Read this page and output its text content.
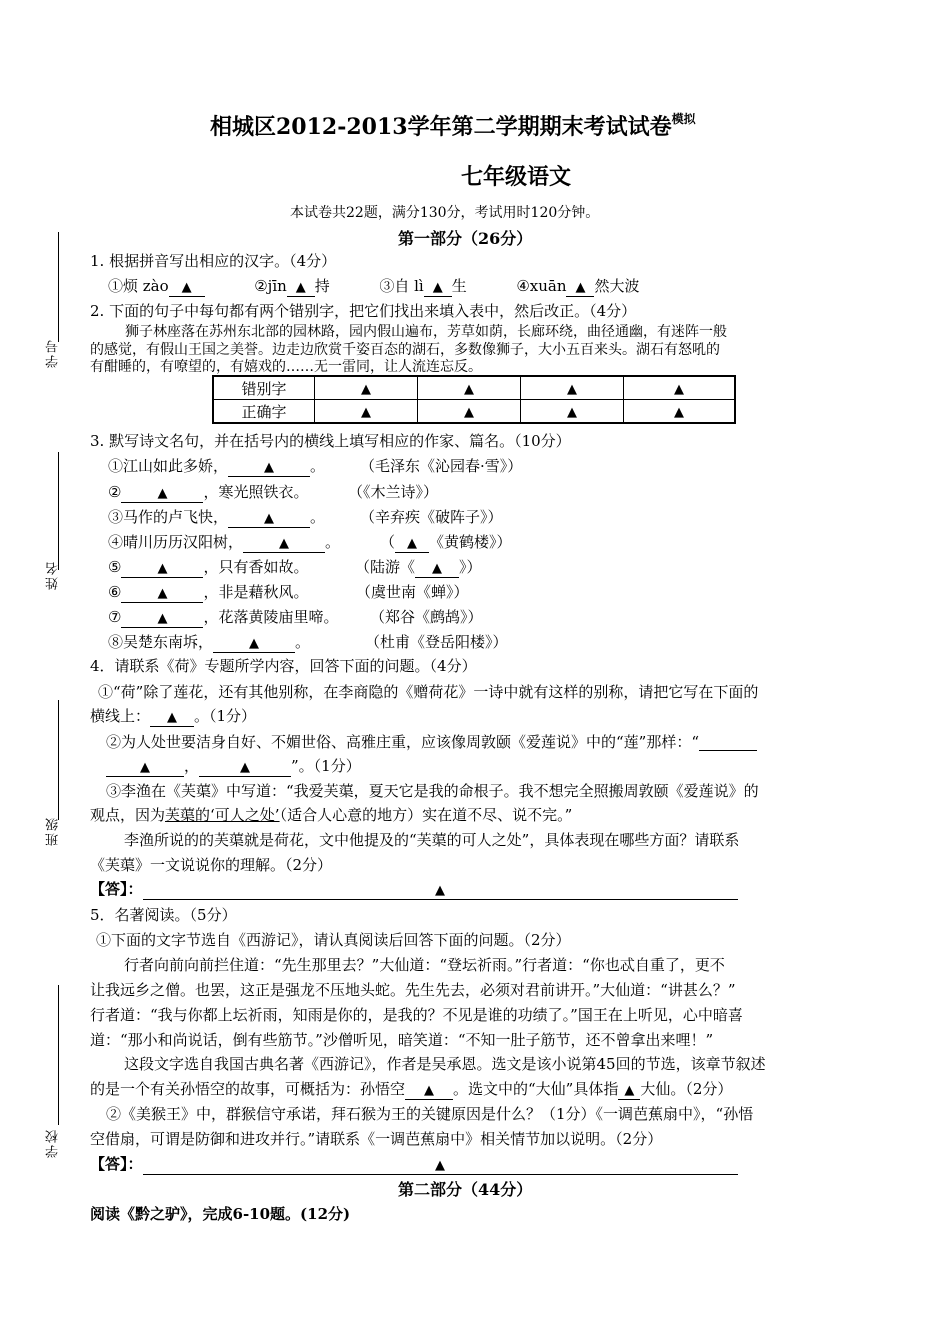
学号
姓名
班级
学校
相城区2012-2013学年第二学期期末考试试卷$^{模拟}$
七年级语文
本试卷共22题，满分130分，考试用时120分钟。
第一部分（26分）
1. 根据拼音写出相应的汉字。（4分）
①烦 zào ▲	②jīn ▲ 持	③自 lì ▲ 生	④xuān ▲ 然大波
2. 下面的句子中每句都有两个错别字，把它们找出来填入表中，然后改正。（4分）
狮子林座落在苏州东北部的园林路，园内假山遍布，芳草如荫，长廊环绕，曲径通幽，有迷阵一般
的感觉，有假山王国之美誉。边走边欣赏千姿百态的湖石，多数像狮子，大小五百来头。湖石有怒吼的
有酣睡的，有嘹望的，有嬉戏的……无一雷同，让人流连忘反。
错别字	▲	▲	▲	▲
正确字	▲	▲	▲	▲
3. 默写诗文名句，并在括号内的横线上填写相应的作家、篇名。（10分）
①江山如此多娇，	▲ 。 （毛泽东《沁园春·雪》）
②	▲ ，寒光照铁衣。	（《木兰诗》）
③马作的卢飞快，	▲ 。 （辛弃疾《破阵子》）
④晴川历历汉阳树，	▲ 。	（ ▲ 《黄鹤楼》）
⑤	▲ ，只有香如故。	（陆游《 ▲ 》）
⑥	▲ ，非是藉秋风。	（虞世南《蝉》）
⑦	▲ ，花落黄陵庙里啼。 （郑谷《鹧鸪》）
⑧吴楚东南坼，	▲ 。	（杜甫《登岳阳楼》）
4．请联系《荷》专题所学内容，回答下面的问题。（4分）
①“荷”除了莲花，还有其他别称，在李商隐的《赠荷花》一诗中就有这样的别称，请把它写在下面的
横线上： ▲ 。（1分）
②为人处世要洁身自好、不媚世俗、高雅庄重，应该像周敦颐《爱莲说》中的“莲”那样：“
▲ ，	▲	”。（1分）
③李渔在《芙蕖》中写道：“我爱芙蕖，夏天它是我的命根子。我不想完全照搬周敦颐《爱莲说》的
观点，因为芙蕖的‘可人之处’（适合人心意的地方）实在道不尽、说不完。”
李渔所说的的芙蕖就是荷花，文中他提及的“芙蕖的可人之处”，具体表现在哪些方面？请联系
《芙蕖》一文说说你的理解。（2分）
【答】：	▲
5．名著阅读。（5分）
①下面的文字节选自《西游记》，请认真阅读后回答下面的问题。（2分）
行者向前向前拦住道：“先生那里去？”大仙道：“登坛祈雨。”行者道：“你也忒自重了，更不
让我远乡之僧。也罢，这正是强龙不压地头蛇。先生先去，必须对君前讲开。”大仙道：“讲甚么？”
行者道：“我与你都上坛祈雨，知雨是你的，是我的？不见是谁的功绩了。”国王在上听见，心中暗喜
道：“那小和尚说话，倒有些筋节。”沙僧听见，暗笑道：“不知一肚子筋节，还不曾拿出来哩！”
这段文字选自我国古典名著《西游记》，作者是吴承恩。选文是该小说第45回的节选，该章节叙述
的是一个有关孙悟空的故事，可概括为：孙悟空 ▲ 。选文中的“大仙”具体指 ▲ 大仙。（2分）
②《美猴王》中，群猴信守承诺，拜石猴为王的关键原因是什么？（1分）《一调芭蕉扇中》，“孙悟
空借扇，可谓是防御和进攻并行。”请联系《一调芭蕉扇中》相关情节加以说明。（2分）
【答】：	▲
第二部分（44分）
阅读《黔之驴》，完成6-10题。(12分)
